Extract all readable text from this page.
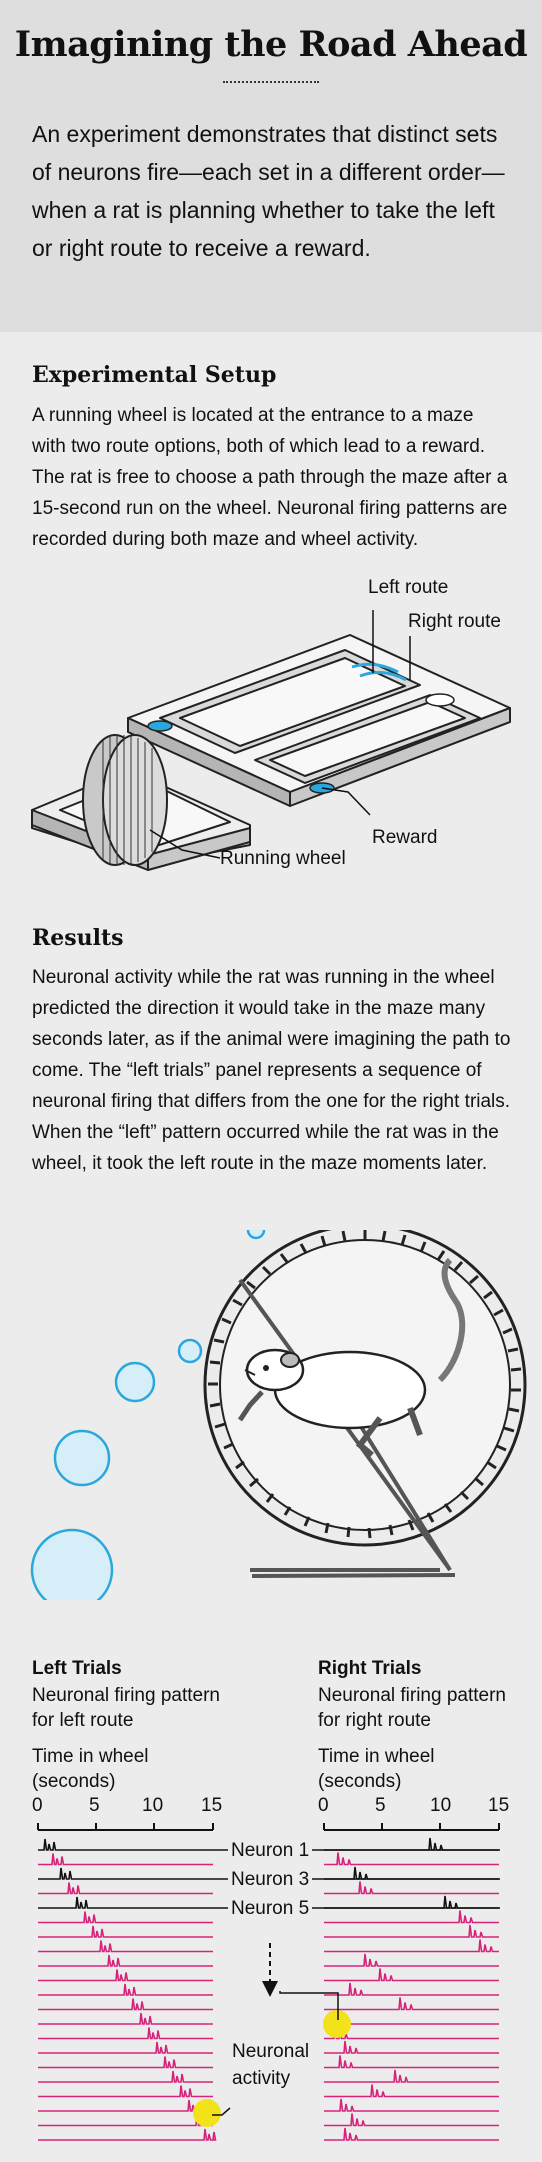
Imagining the Road Ahead

An experiment demonstrates that distinct sets of neurons fire—each set in a different order—when a rat is planning whether to take the left or right route to receive a reward.

Experimental Setup

A running wheel is located at the entrance to a maze with two route options, both of which lead to a reward. The rat is free to choose a path through the maze after a 15-second run on the wheel. Neuronal firing patterns are recorded during both maze and wheel activity.

Left route
Right route
Reward
Running wheel
Results

Neuronal activity while the rat was running in the wheel predicted the direction it would take in the maze many seconds later, as if the animal were imagining the path to come. The “left trials” panel represents a sequence of neuronal firing that differs from the one for the right trials. When the “left” pattern occurred while the rat was in the wheel, it took the left route in the maze moments later.

Left Trials
Neuronal firing pattern
for left route
Time in wheel
(seconds)
Right Trials
Neuronal firing pattern
for right route
Time in wheel
(seconds)
0 5 10 15	0 5 10 15
Neuron 1
Neuron 3
Neuron 5
Neuronal
activity
